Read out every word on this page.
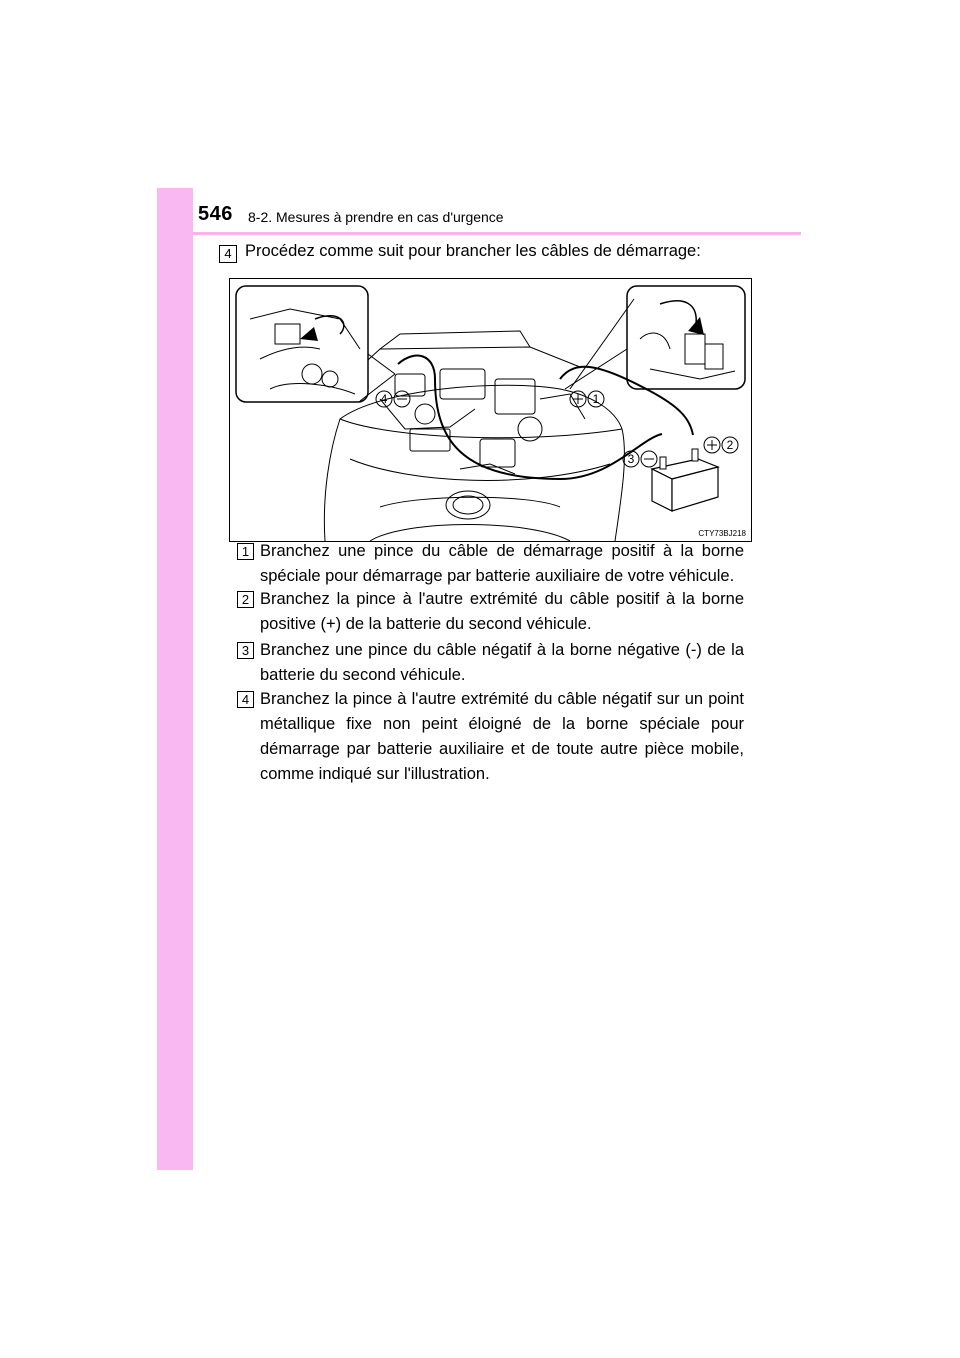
546 8-2. Mesures à prendre en cas d'urgence
4 Procédez comme suit pour brancher les câbles de démarrage:
4	1
3
2
CTY73BJ218
1 Branchez une pince du câble de démarrage positif à la borne spéciale pour démarrage par batterie auxiliaire de votre véhicule.
2 Branchez la pince à l'autre extrémité du câble positif à la borne positive (+) de la batterie du second véhicule.
3 Branchez une pince du câble négatif à la borne négative (-) de la batterie du second véhicule.
4 Branchez la pince à l'autre extrémité du câble négatif sur un point métallique fixe non peint éloigné de la borne spéciale pour démarrage par batterie auxiliaire et de toute autre pièce mobile, comme indiqué sur l'illustration.
